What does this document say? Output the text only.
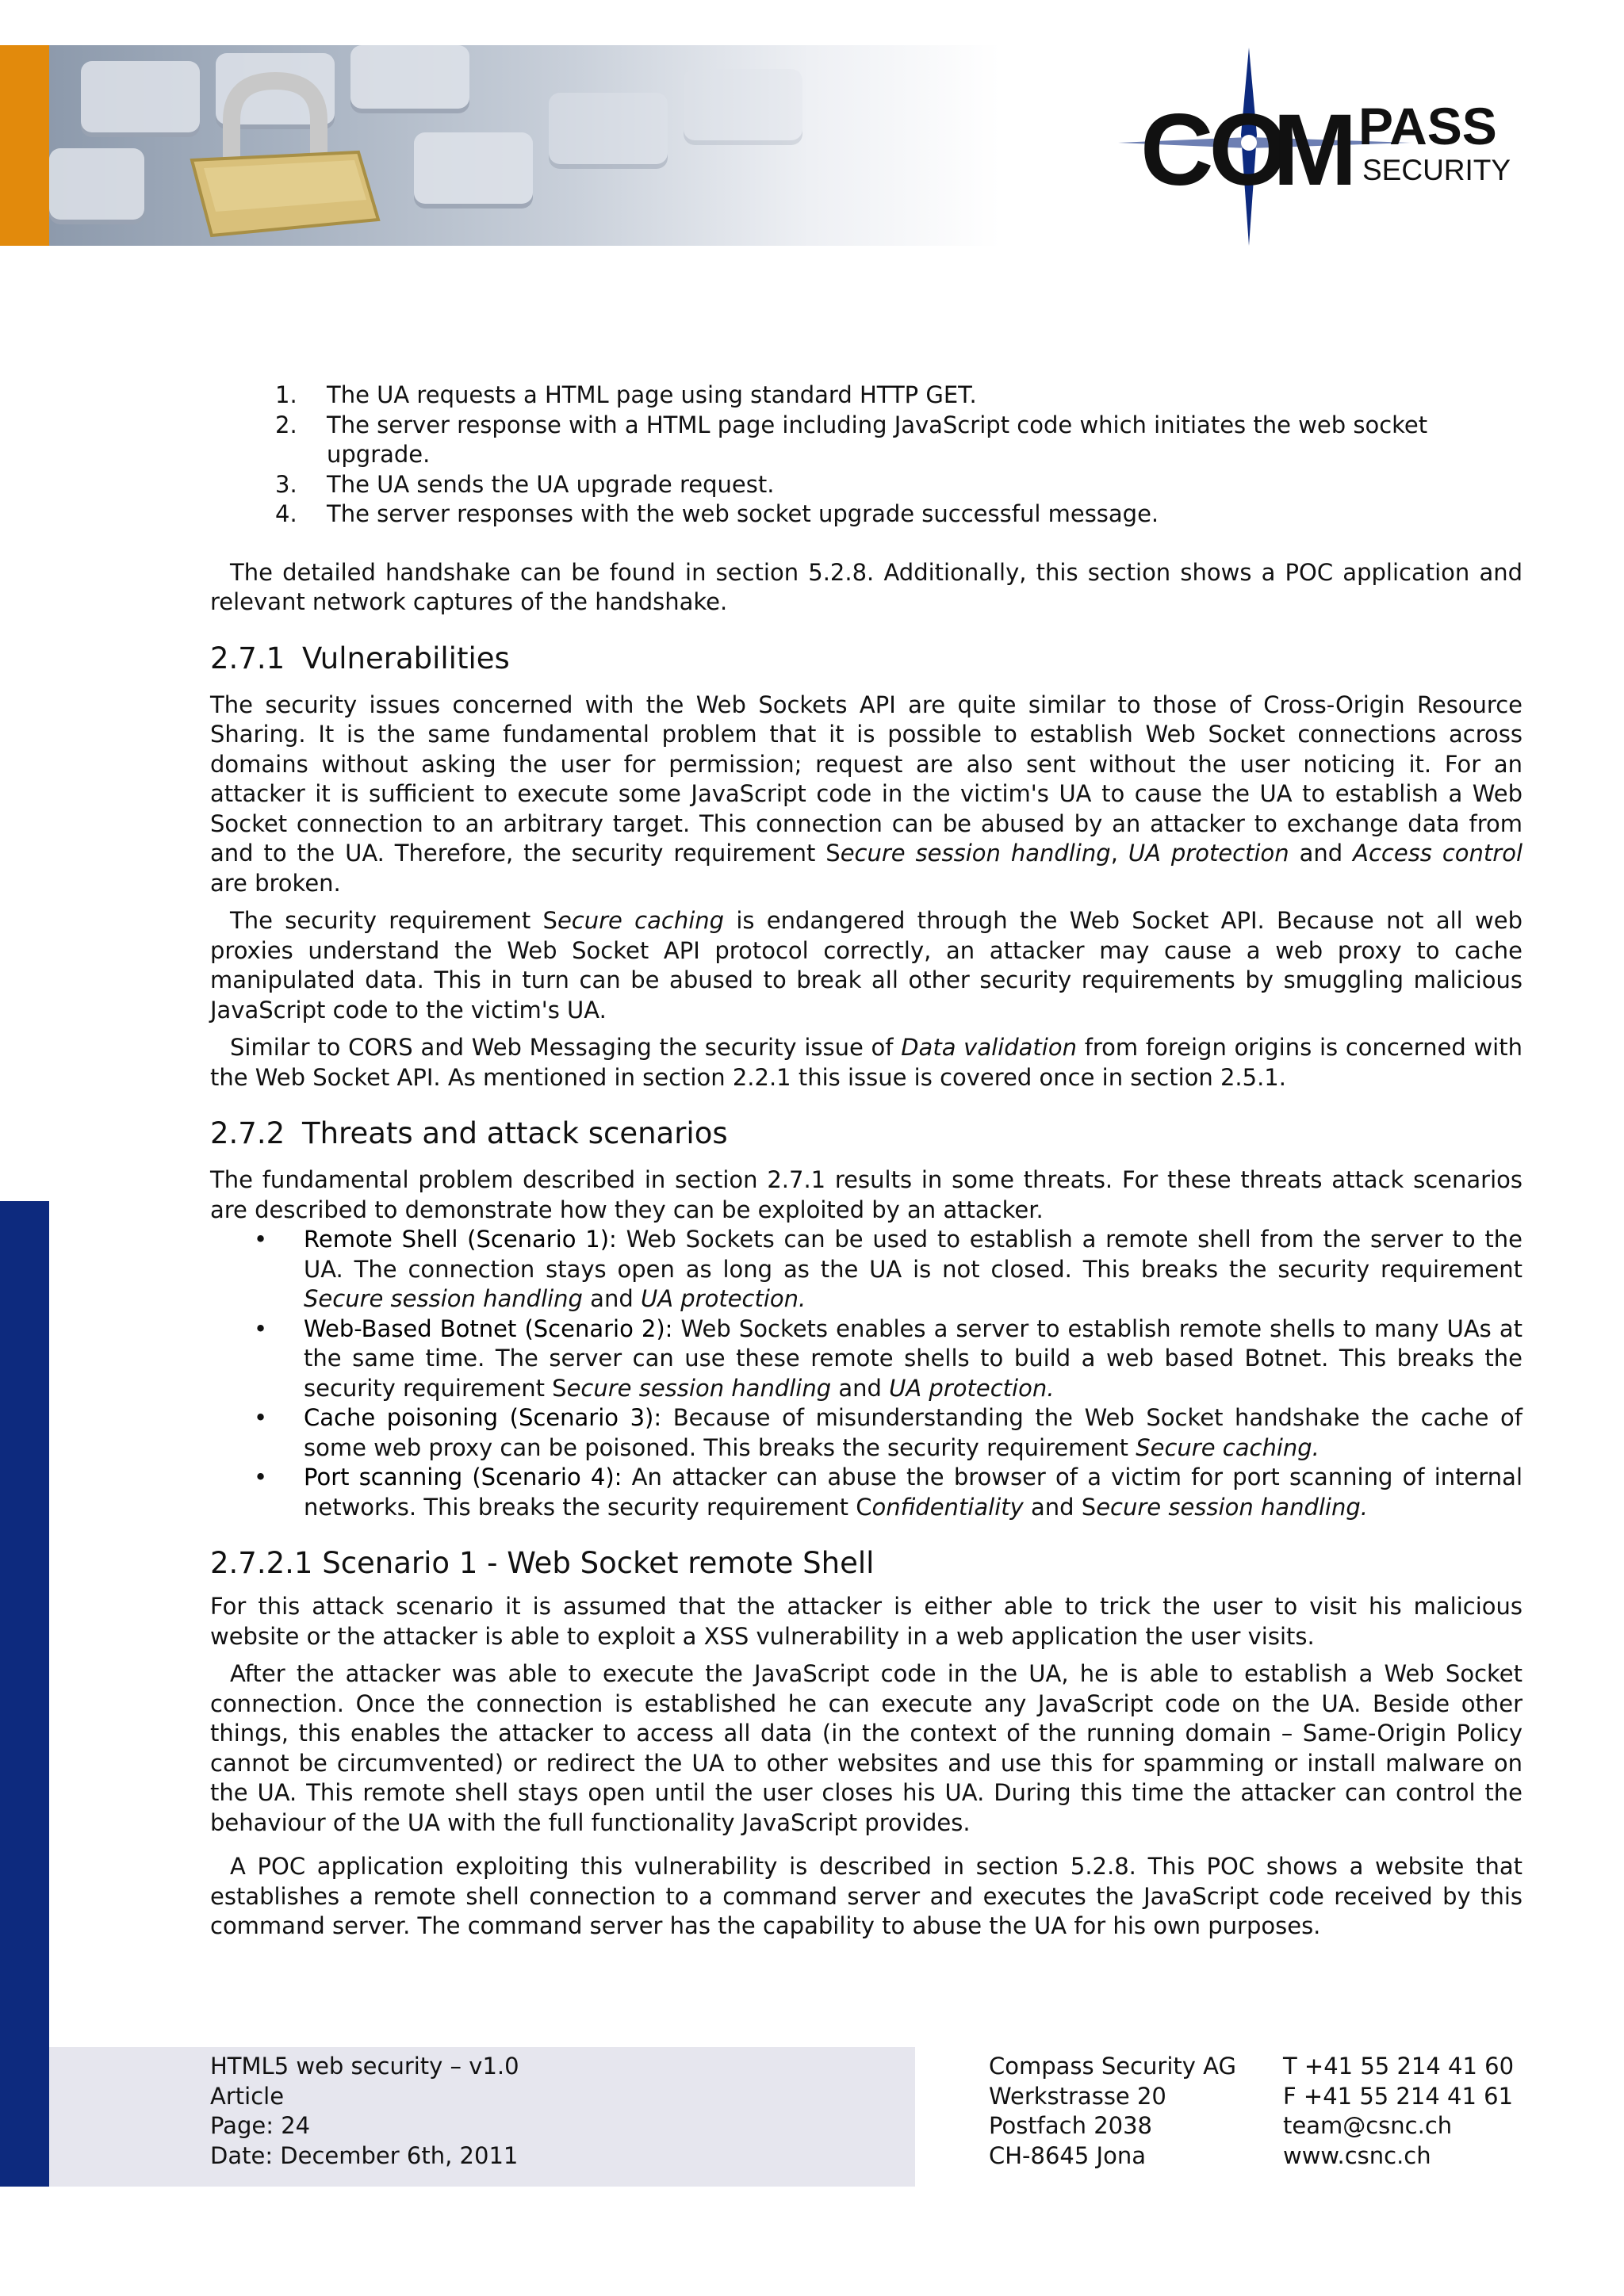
CO
M PASS
SECURITY
1. The UA requests a HTML page using standard HTTP GET.
2. The server response with a HTML page including JavaScript code which initiates the web socket upgrade.
3. The UA sends the UA upgrade request.
4. The server responses with the web socket upgrade successful message.

The detailed handshake can be found in section 5.2.8. Additionally, this section shows a POC application and relevant network captures of the handshake.

2.7.1 Vulnerabilities

The security issues concerned with the Web Sockets API are quite similar to those of Cross-Origin Resource Sharing. It is the same fundamental problem that it is possible to establish Web Socket connections across domains without asking the user for permission; request are also sent without the user noticing it. For an attacker it is sufficient to execute some JavaScript code in the victim's UA to cause the UA to establish a Web Socket connection to an arbitrary target. This connection can be abused by an attacker to exchange data from and to the UA. Therefore, the security requirement Secure session handling, UA protection and Access control are broken.

The security requirement Secure caching is endangered through the Web Socket API. Because not all web proxies understand the Web Socket API protocol correctly, an attacker may cause a web proxy to cache manipulated data. This in turn can be abused to break all other security requirements by smuggling malicious JavaScript code to the victim's UA.

Similar to CORS and Web Messaging the security issue of Data validation from foreign origins is concerned with the Web Socket API. As mentioned in section 2.2.1 this issue is covered once in section 2.5.1.

2.7.2 Threats and attack scenarios

The fundamental problem described in section 2.7.1 results in some threats. For these threats attack scenarios are described to demonstrate how they can be exploited by an attacker.

• Remote Shell (Scenario 1): Web Sockets can be used to establish a remote shell from the server to the UA. The connection stays open as long as the UA is not closed. This breaks the security requirement Secure session handling and UA protection.
• Web-Based Botnet (Scenario 2): Web Sockets enables a server to establish remote shells to many UAs at the same time. The server can use these remote shells to build a web based Botnet. This breaks the security requirement Secure session handling and UA protection.
• Cache poisoning (Scenario 3): Because of misunderstanding the Web Socket handshake the cache of some web proxy can be poisoned. This breaks the security requirement Secure caching.
• Port scanning (Scenario 4): An attacker can abuse the browser of a victim for port scanning of internal networks. This breaks the security requirement Confidentiality and Secure session handling.
2.7.2.1 Scenario 1 - Web Socket remote Shell

For this attack scenario it is assumed that the attacker is either able to trick the user to visit his malicious website or the attacker is able to exploit a XSS vulnerability in a web application the user visits.

After the attacker was able to execute the JavaScript code in the UA, he is able to establish a Web Socket connection. Once the connection is established he can execute any JavaScript code on the UA. Beside other things, this enables the attacker to access all data (in the context of the running domain – Same-Origin Policy cannot be circumvented) or redirect the UA to other websites and use this for spamming or install malware on the UA. This remote shell stays open until the user closes his UA. During this time the attacker can control the behaviour of the UA with the full functionality JavaScript provides.

A POC application exploiting this vulnerability is described in section 5.2.8. This POC shows a website that establishes a remote shell connection to a command server and executes the JavaScript code received by this command server. The command server has the capability to abuse the UA for his own purposes.

HTML5 web security – v1.0
Article
Page: 24
Date: December 6th, 2011
Compass Security AG
Werkstrasse 20
Postfach 2038
CH-8645 Jona
T +41 55 214 41 60
F +41 55 214 41 61
team@csnc.ch
www.csnc.ch
